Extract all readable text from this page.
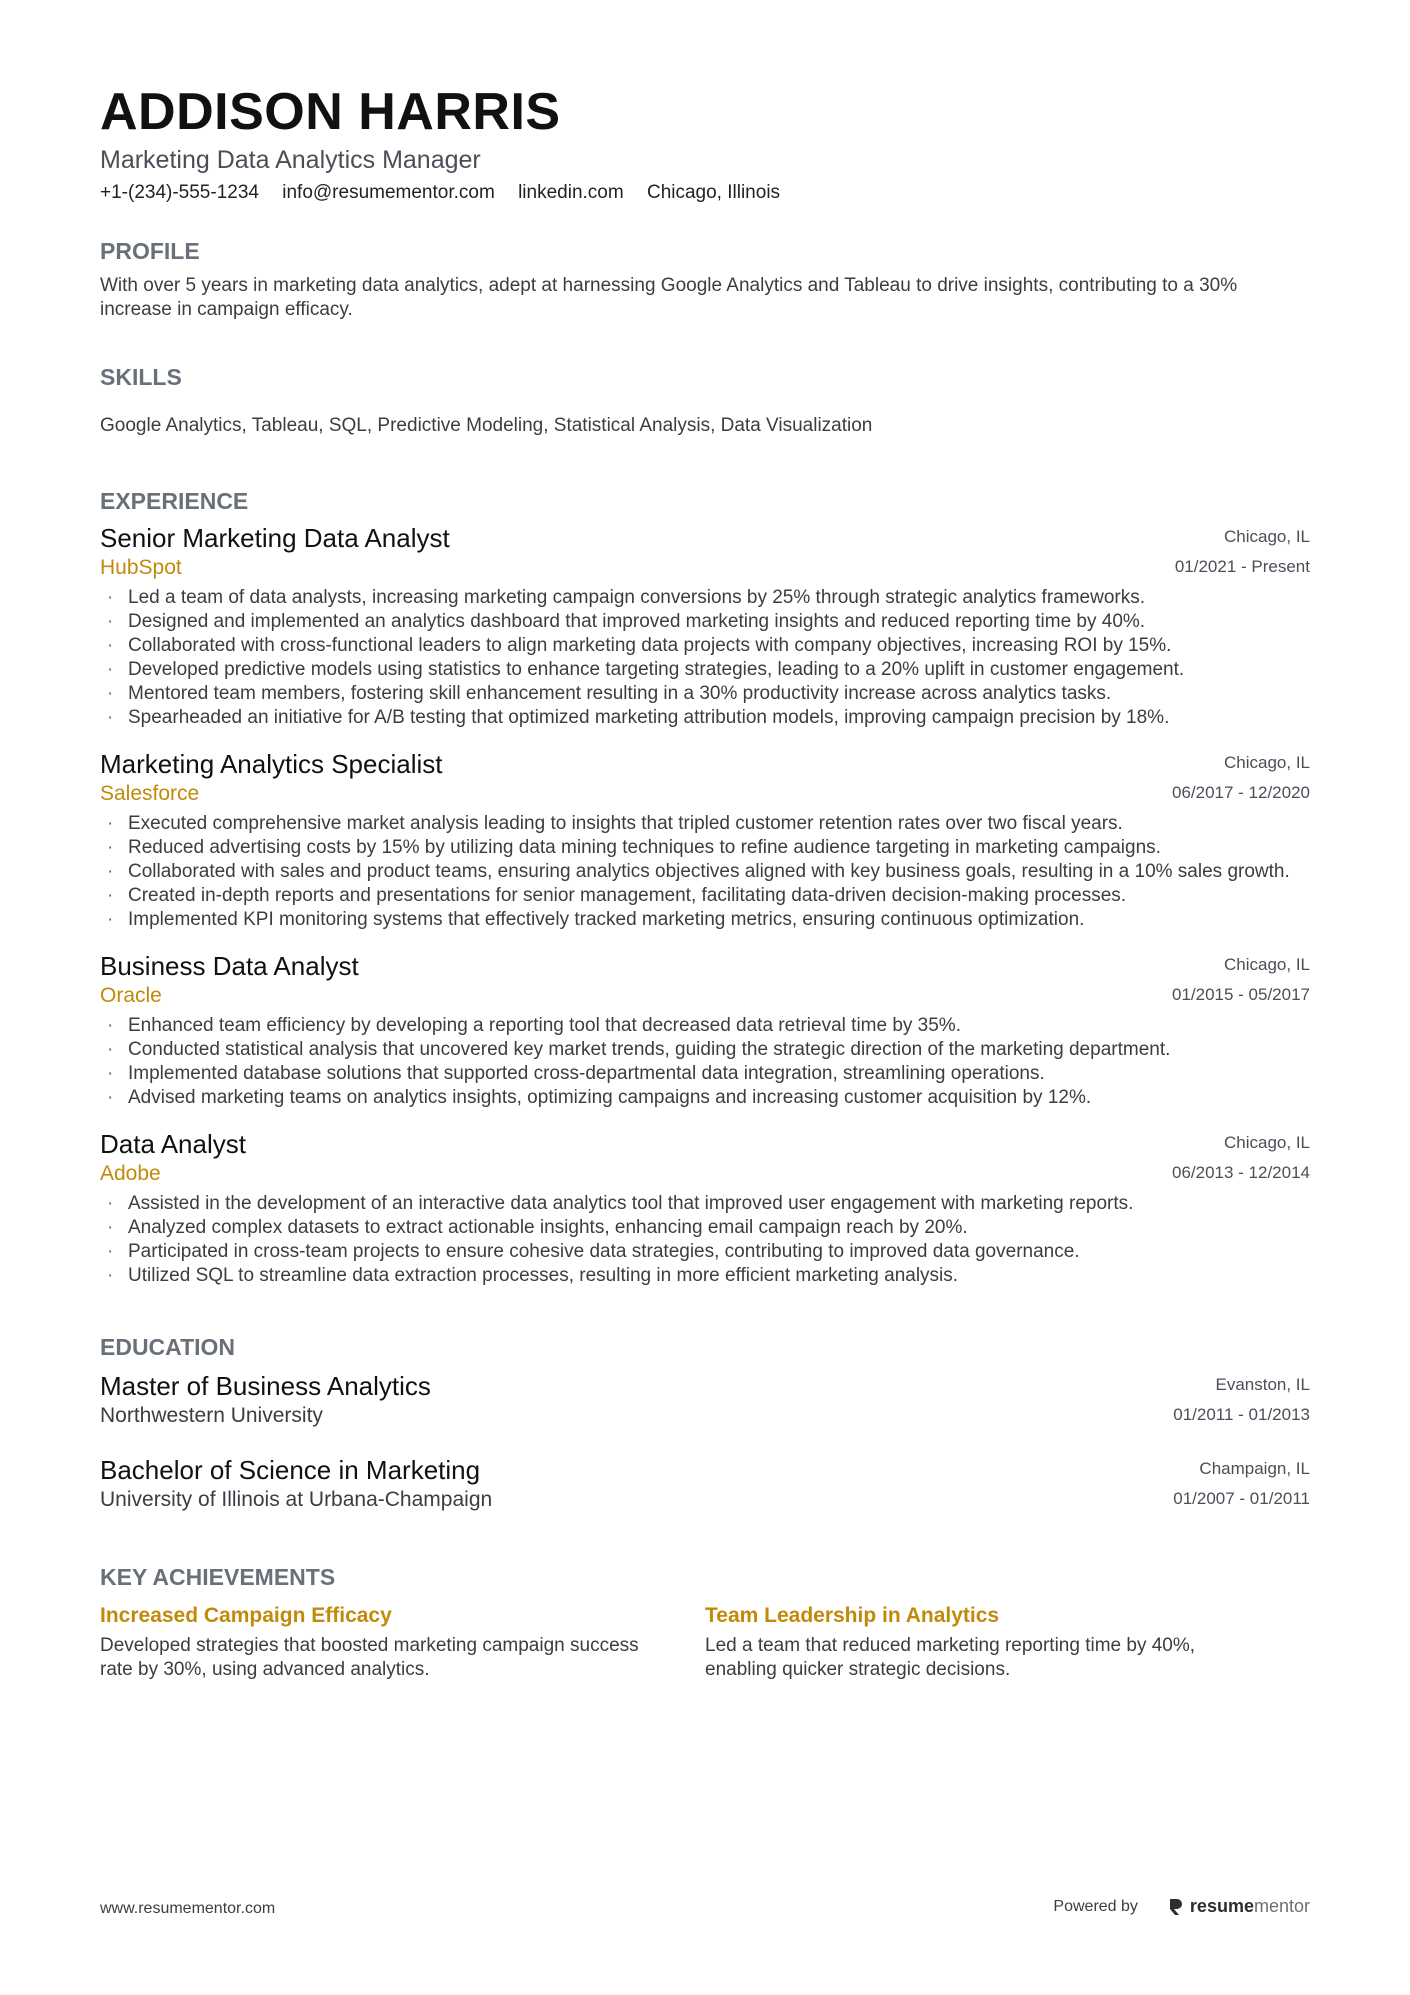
ADDISON HARRIS
Marketing Data Analytics Manager
+1-(234)-555-1234 info@resumementor.com linkedin.com Chicago, Illinois
PROFILE
With over 5 years in marketing data analytics, adept at harnessing Google Analytics and Tableau to drive insights, contributing to a 30% increase in campaign efficacy.
SKILLS
Google Analytics, Tableau, SQL, Predictive Modeling, Statistical Analysis, Data Visualization
EXPERIENCE
Senior Marketing Data Analyst
HubSpot
Chicago, IL
01/2021 - Present
· Led a team of data analysts, increasing marketing campaign conversions by 25% through strategic analytics frameworks.
· Designed and implemented an analytics dashboard that improved marketing insights and reduced reporting time by 40%.
· Collaborated with cross-functional leaders to align marketing data projects with company objectives, increasing ROI by 15%.
· Developed predictive models using statistics to enhance targeting strategies, leading to a 20% uplift in customer engagement.
· Mentored team members, fostering skill enhancement resulting in a 30% productivity increase across analytics tasks.
· Spearheaded an initiative for A/B testing that optimized marketing attribution models, improving campaign precision by 18%.
Marketing Analytics Specialist
Salesforce
Chicago, IL
06/2017 - 12/2020
· Executed comprehensive market analysis leading to insights that tripled customer retention rates over two fiscal years.
· Reduced advertising costs by 15% by utilizing data mining techniques to refine audience targeting in marketing campaigns.
· Collaborated with sales and product teams, ensuring analytics objectives aligned with key business goals, resulting in a 10% sales growth.
· Created in-depth reports and presentations for senior management, facilitating data-driven decision-making processes.
· Implemented KPI monitoring systems that effectively tracked marketing metrics, ensuring continuous optimization.
Business Data Analyst
Oracle
Chicago, IL
01/2015 - 05/2017
· Enhanced team efficiency by developing a reporting tool that decreased data retrieval time by 35%.
· Conducted statistical analysis that uncovered key market trends, guiding the strategic direction of the marketing department.
· Implemented database solutions that supported cross-departmental data integration, streamlining operations.
· Advised marketing teams on analytics insights, optimizing campaigns and increasing customer acquisition by 12%.
Data Analyst
Adobe
Chicago, IL
06/2013 - 12/2014
· Assisted in the development of an interactive data analytics tool that improved user engagement with marketing reports.
· Analyzed complex datasets to extract actionable insights, enhancing email campaign reach by 20%.
· Participated in cross-team projects to ensure cohesive data strategies, contributing to improved data governance.
· Utilized SQL to streamline data extraction processes, resulting in more efficient marketing analysis.
EDUCATION
Master of Business Analytics
Northwestern University
Evanston, IL
01/2011 - 01/2013
Bachelor of Science in Marketing
University of Illinois at Urbana-Champaign
Champaign, IL
01/2007 - 01/2011
KEY ACHIEVEMENTS
Increased Campaign Efficacy
Developed strategies that boosted marketing campaign success rate by 30%, using advanced analytics.
Team Leadership in Analytics
Led a team that reduced marketing reporting time by 40%, enabling quicker strategic decisions.
www.resumementor.com	Powered by	resumementor
